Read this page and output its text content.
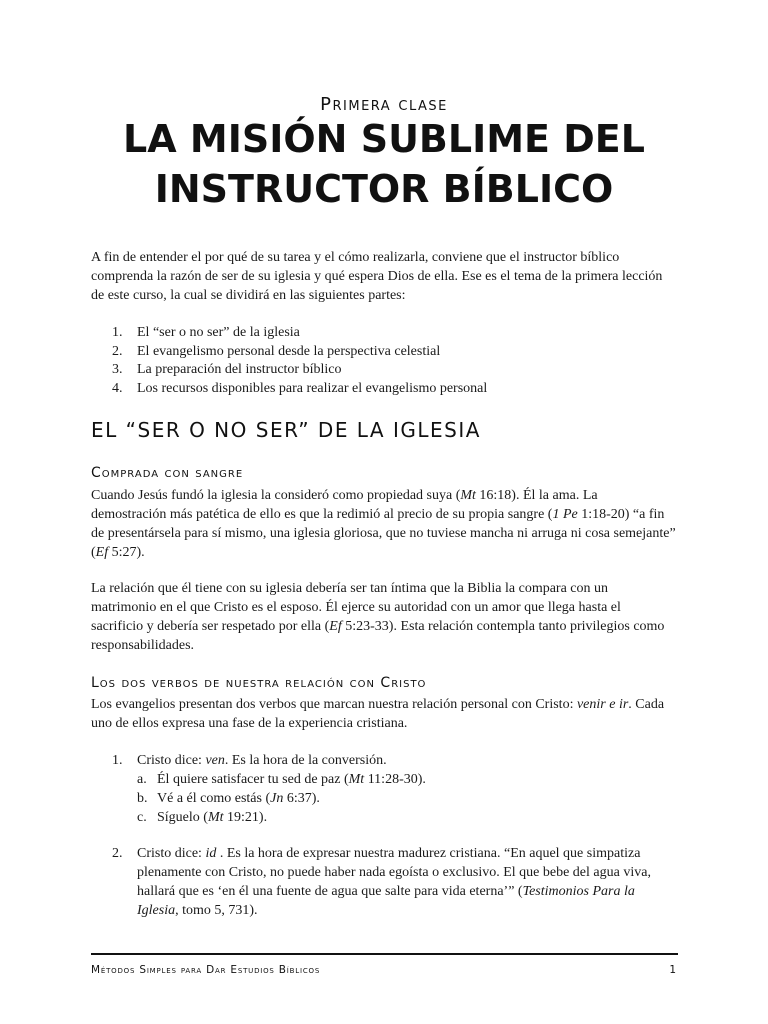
Primera clase
LA MISIÓN SUBLIME DEL
INSTRUCTOR BÍBLICO

A fin de entender el por qué de su tarea y el cómo realizarla, conviene que el instructor bíblico comprenda la razón de ser de su iglesia y qué espera Dios de ella. Ese es el tema de la primera lección de este curso, la cual se dividirá en las siguientes partes:

1.	El “ser o no ser” de la iglesia
2.	El evangelismo personal desde la perspectiva celestial
3.	La preparación del instructor bíblico
4.	Los recursos disponibles para realizar el evangelismo personal
EL “SER O NO SER” DE LA IGLESIA
Comprada con sangre

Cuando Jesús fundó la iglesia la consideró como propiedad suya (Mt 16:18). Él la ama. La demostración más patética de ello es que la redimió al precio de su propia sangre (1 Pe 1:18-20) “a fin de presentársela para sí mismo, una iglesia gloriosa, que no tuviese mancha ni arruga ni cosa semejante” (Ef 5:27).

La relación que él tiene con su iglesia debería ser tan íntima que la Biblia la compara con un matrimonio en el que Cristo es el esposo. Él ejerce su autoridad con un amor que llega hasta el sacrificio y debería ser respetado por ella (Ef 5:23-33). Esta relación contempla tanto privilegios como responsabilidades.

Los dos verbos de nuestra relación con Cristo

Los evangelios presentan dos verbos que marcan nuestra relación personal con Cristo: venir e ir. Cada uno de ellos expresa una fase de la experiencia cristiana.

1. Cristo dice: ven. Es la hora de la conversión.
a. Él quiere satisfacer tu sed de paz (Mt 11:28-30).
b. Vé a él como estás (Jn 6:37).
c. Síguelo (Mt 19:21).
2. Cristo dice: id . Es la hora de expresar nuestra madurez cristiana. “En aquel que simpatiza plenamente con Cristo, no puede haber nada egoísta o exclusivo. El que bebe del agua viva, hallará que es ‘en él una fuente de agua que salte para vida eterna’” (Testimonios Para la Iglesia, tomo 5, 731).
Métodos Simples para Dar Estudios Bíblicos	1
